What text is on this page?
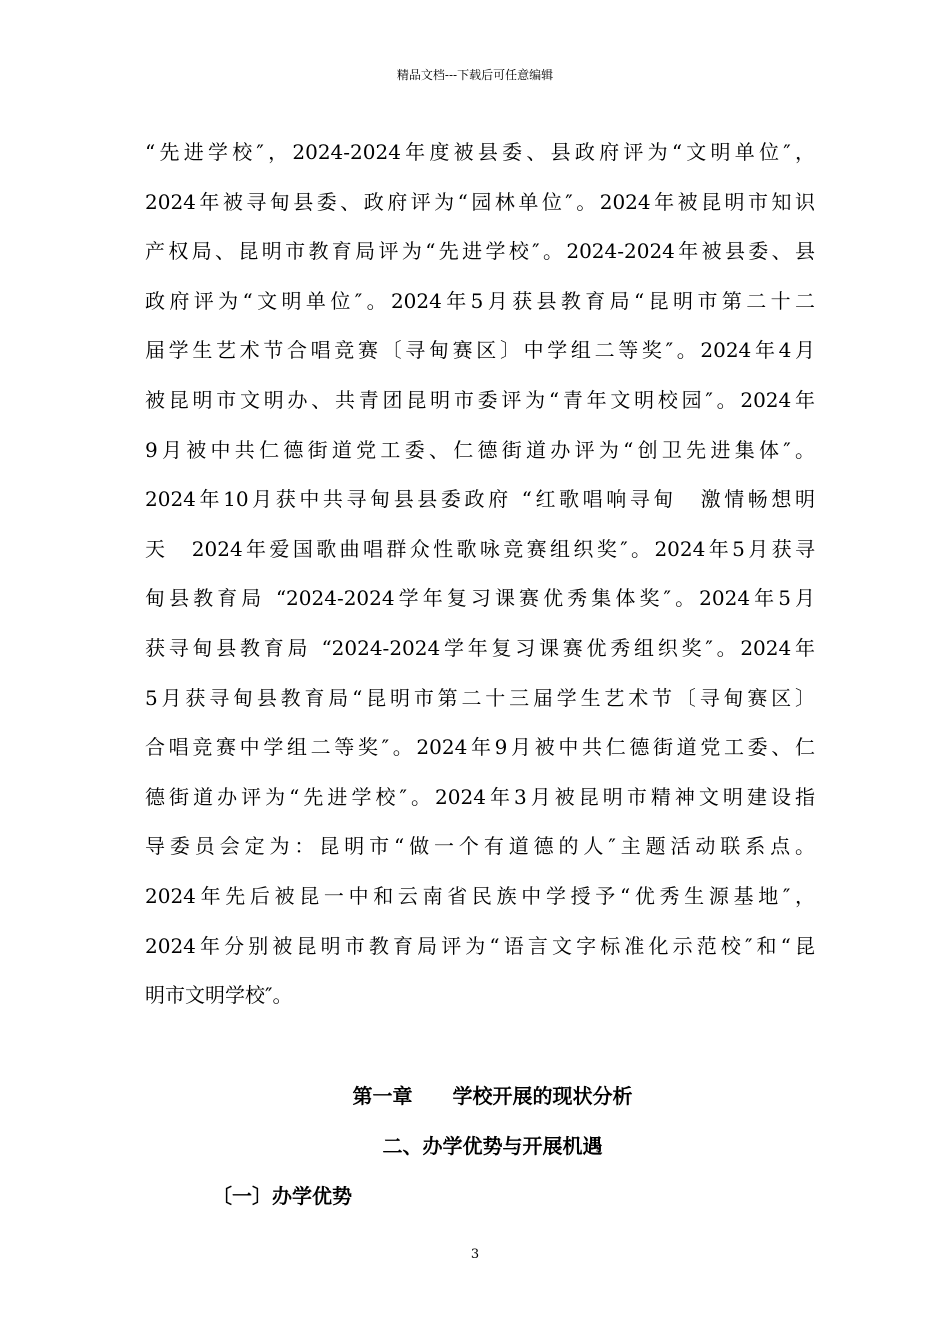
精品文档---下载后可任意编辑
“先进学校″，2024-2024年度被县委、县政府评为“文明单位″，
2024年被寻甸县委、政府评为“园林单位″。2024年被昆明市知识
产权局、昆明市教育局评为“先进学校″。2024-2024年被县委、县
政府评为“文明单位″。2024年5月获县教育局“昆明市第二十二
届学生艺术节合唱竞赛〔寻甸赛区〕中学组二等奖″。2024年4月
被昆明市文明办、共青团昆明市委评为“青年文明校园″。2024年
9月被中共仁德街道党工委、仁德街道办评为“创卫先进集体″。
2024年10月获中共寻甸县县委政府 “红歌唱响寻甸　激情畅想明
天　2024年爱国歌曲唱群众性歌咏竞赛组织奖″。2024年5月获寻
甸县教育局 “2024-2024学年复习课赛优秀集体奖″。2024年5月
获寻甸县教育局 “2024-2024学年复习课赛优秀组织奖″。2024年
5月获寻甸县教育局“昆明市第二十三届学生艺术节〔寻甸赛区〕
合唱竞赛中学组二等奖″。2024年9月被中共仁德街道党工委、仁
德街道办评为“先进学校″。2024年3月被昆明市精神文明建设指
导委员会定为：昆明市“做一个有道德的人″主题活动联系点。
2024年先后被昆一中和云南省民族中学授予“优秀生源基地″，
2024年分别被昆明市教育局评为“语言文字标准化示范校″和“昆
明市文明学校″。
第一章　　学校开展的现状分析
二、办学优势与开展机遇
〔一〕办学优势
3
